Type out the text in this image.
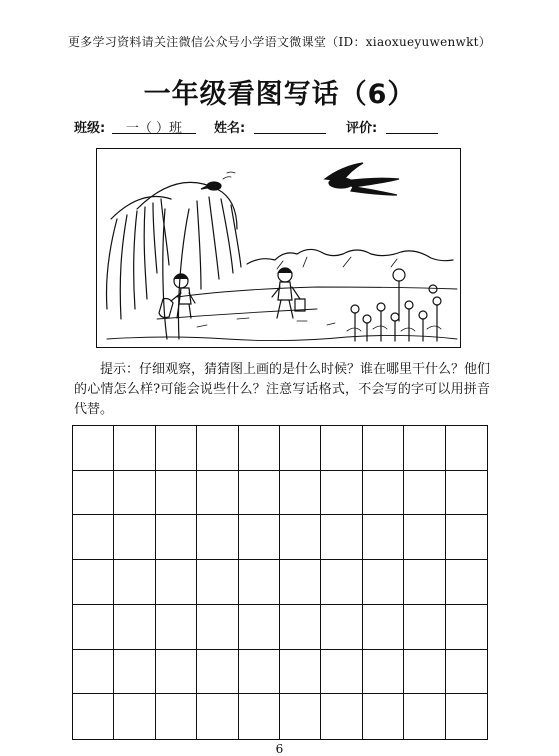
更多学习资料请关注微信公众号小学语文微课堂（ID：xiaoxueyuwenwkt）
一年级看图写话（6）
班级:	一（ ）班	姓名:	评价:
提示：仔细观察，猜猜图上画的是什么时候？谁在哪里干什么？他们的心情怎么样?可能会说些什么？注意写话格式，不会写的字可以用拼音代替。
6
